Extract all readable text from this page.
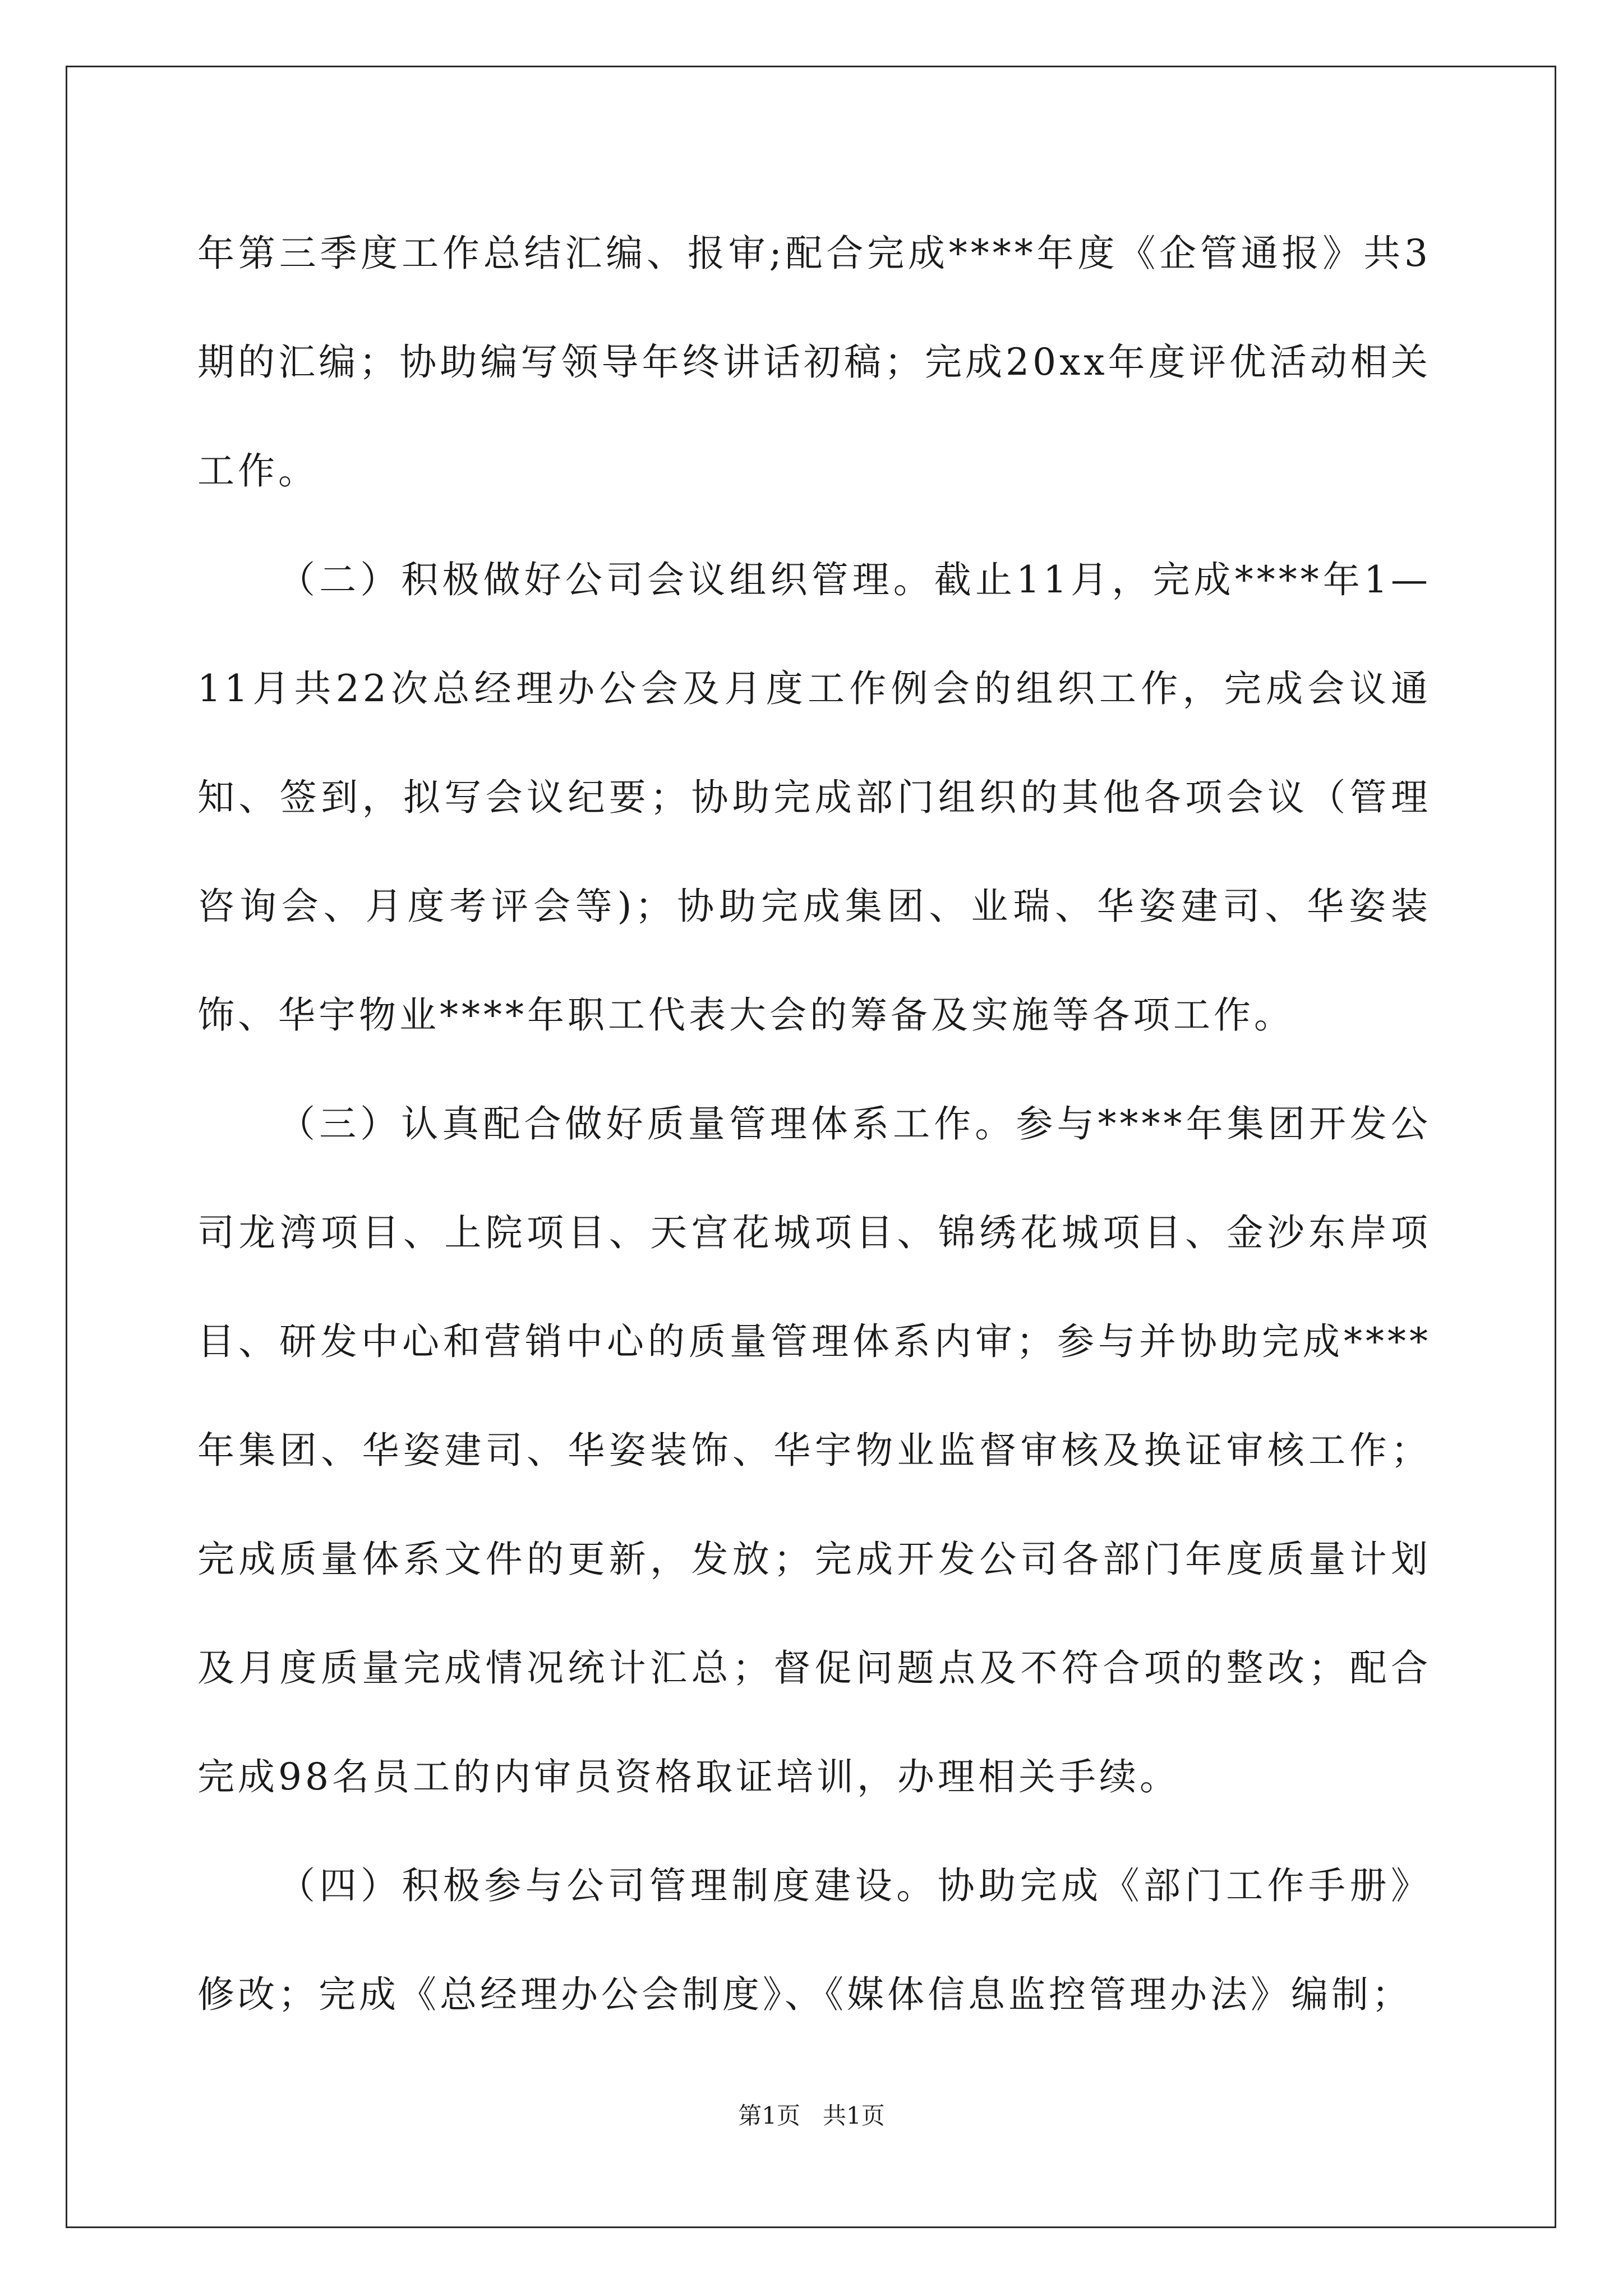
年第三季度工作总结汇编、报审;配合完成****年度《企管通报》共3期的汇编；协助编写领导年终讲话初稿；完成20xx年度评优活动相关工作。

（二）积极做好公司会议组织管理。截止11月，完成****年1—11月共22次总经理办公会及月度工作例会的组织工作，完成会议通知、签到，拟写会议纪要；协助完成部门组织的其他各项会议（管理咨询会、月度考评会等)；协助完成集团、业瑞、华姿建司、华姿装饰、华宇物业****年职工代表大会的筹备及实施等各项工作。

（三）认真配合做好质量管理体系工作。参与****年集团开发公司龙湾项目、上院项目、天宫花城项目、锦绣花城项目、金沙东岸项目、研发中心和营销中心的质量管理体系内审；参与并协助完成****年集团、华姿建司、华姿装饰、华宇物业监督审核及换证审核工作；完成质量体系文件的更新，发放；完成开发公司各部门年度质量计划及月度质量完成情况统计汇总；督促问题点及不符合项的整改；配合完成98名员工的内审员资格取证培训，办理相关手续。

（四）积极参与公司管理制度建设。协助完成《部门工作手册》修改；完成《总经理办公会制度》、《媒体信息监控管理办法》编制；

第1页 共1页
